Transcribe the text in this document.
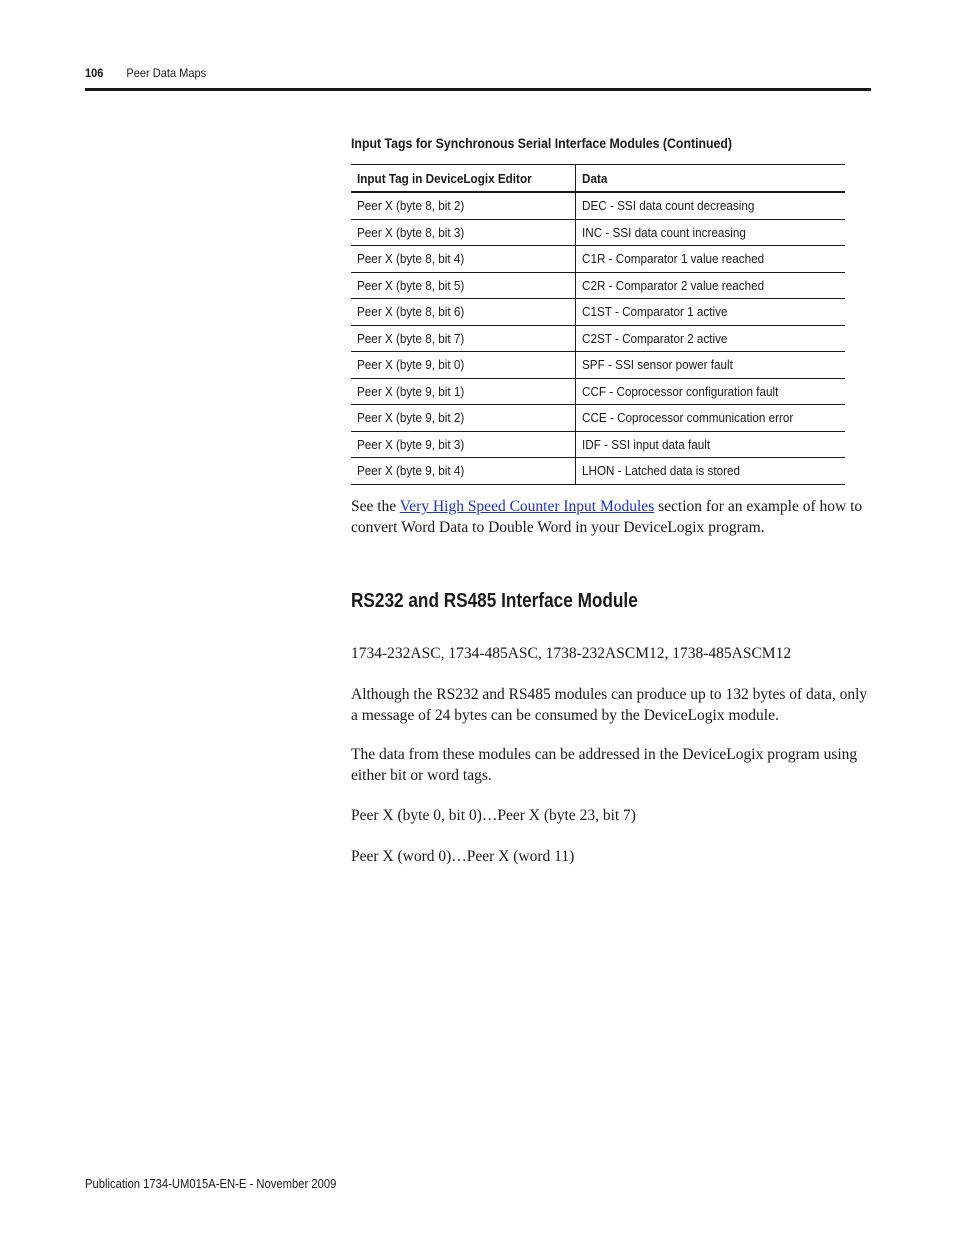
106 Peer Data Maps
Input Tags for Synchronous Serial Interface Modules (Continued)
Input Tag in DeviceLogix Editor	Data
Peer X (byte 8, bit 2)	DEC - SSI data count decreasing
Peer X (byte 8, bit 3)	INC - SSI data count increasing
Peer X (byte 8, bit 4)	C1R - Comparator 1 value reached
Peer X (byte 8, bit 5)	C2R - Comparator 2 value reached
Peer X (byte 8, bit 6)	C1ST - Comparator 1 active
Peer X (byte 8, bit 7)	C2ST - Comparator 2 active
Peer X (byte 9, bit 0)	SPF - SSI sensor power fault
Peer X (byte 9, bit 1)	CCF - Coprocessor configuration fault
Peer X (byte 9, bit 2)	CCE - Coprocessor communication error
Peer X (byte 9, bit 3)	IDF - SSI input data fault
Peer X (byte 9, bit 4)	LHON - Latched data is stored
See the Very High Speed Counter Input Modules section for an example of how to convert Word Data to Double Word in your DeviceLogix program.
RS232 and RS485 Interface Module
1734-232ASC, 1734-485ASC, 1738-232ASCM12, 1738-485ASCM12
Although the RS232 and RS485 modules can produce up to 132 bytes of data, only a message of 24 bytes can be consumed by the DeviceLogix module.
The data from these modules can be addressed in the DeviceLogix program using either bit or word tags.
Peer X (byte 0, bit 0)…Peer X (byte 23, bit 7)
Peer X (word 0)…Peer X (word 11)
Publication 1734-UM015A-EN-E - November 2009
